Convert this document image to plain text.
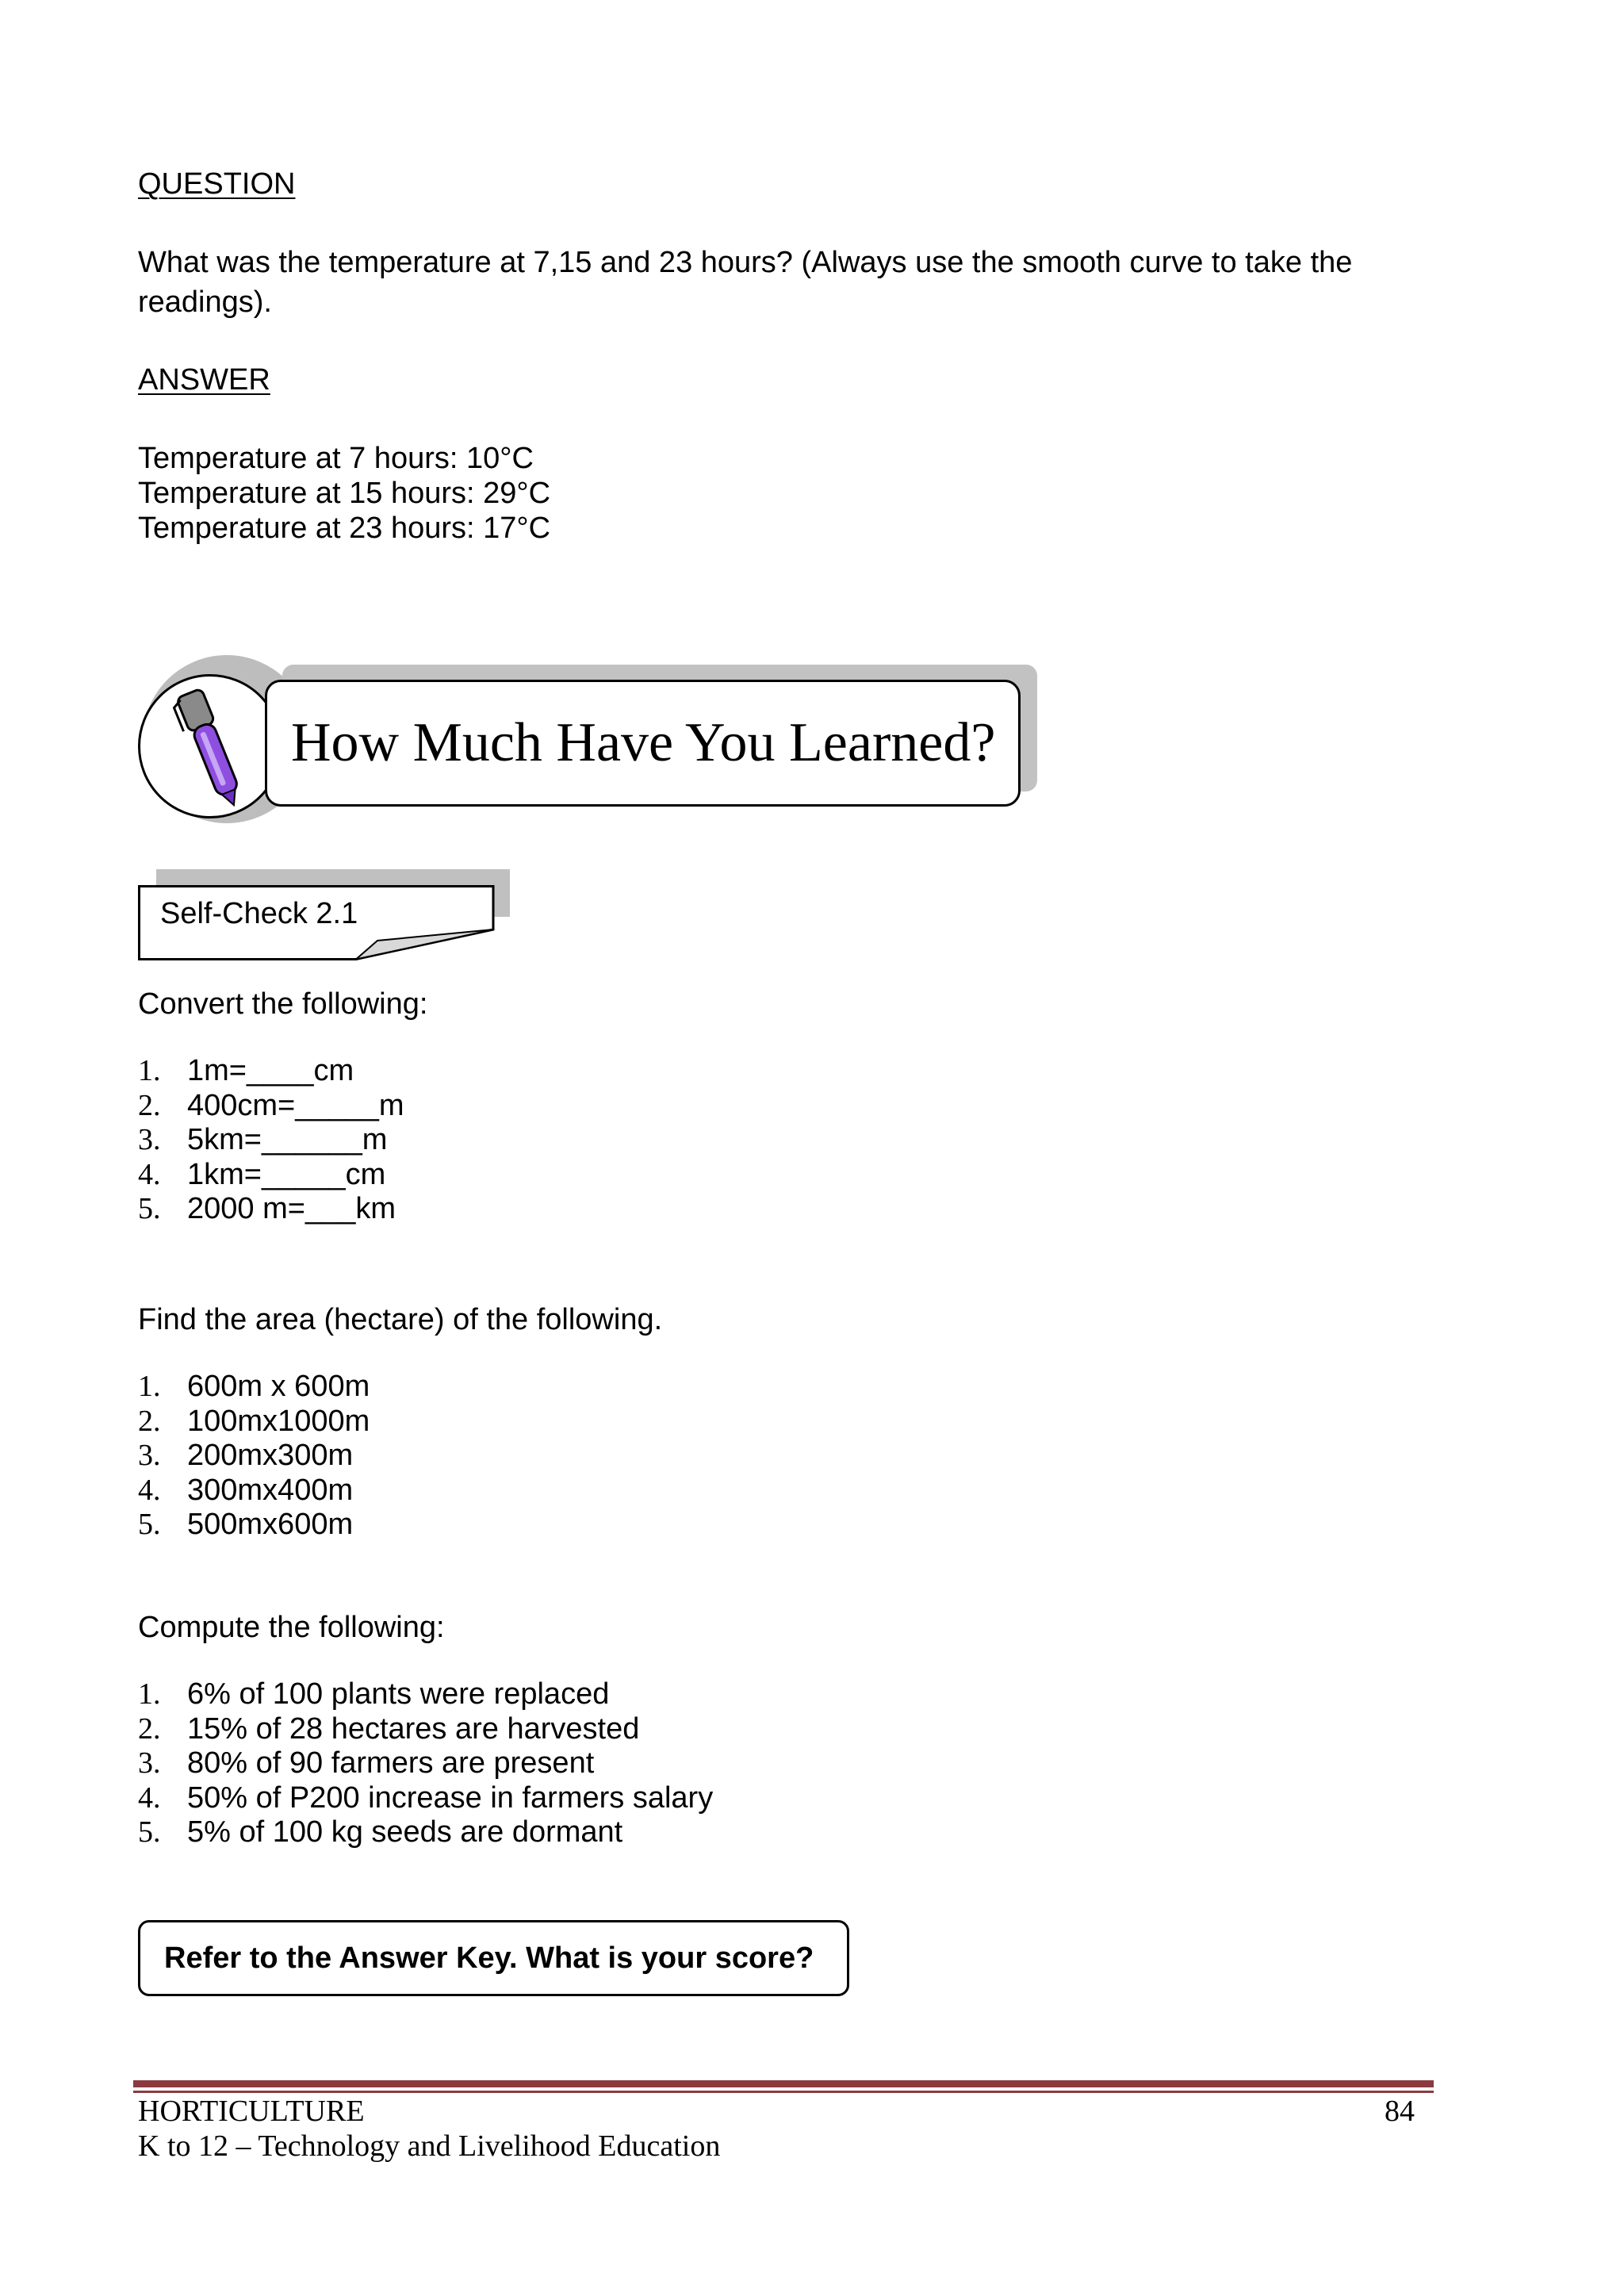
QUESTION
What was the temperature at 7,15 and 23 hours? (Always use the smooth curve to take the
readings).
ANSWER
Temperature at 7 hours: 10°C
Temperature at 15 hours: 29°C
Temperature at 23 hours: 17°C
How Much Have You Learned?
Self-Check 2.1
Convert the following:
1. 1m=____cm
2. 400cm=_____m
3. 5km=______m
4. 1km=_____cm
5. 2000 m=___km
Find the area (hectare) of the following.
1. 600m x 600m
2. 100mx1000m
3. 200mx300m
4. 300mx400m
5. 500mx600m
Compute the following:
1. 6% of 100 plants were replaced
2. 15% of 28 hectares are harvested
3. 80% of 90 farmers are present
4. 50% of P200 increase in farmers salary
5. 5% of 100 kg seeds are dormant
Refer to the Answer Key. What is your score?
HORTICULTURE	84
K to 12 – Technology and Livelihood Education
